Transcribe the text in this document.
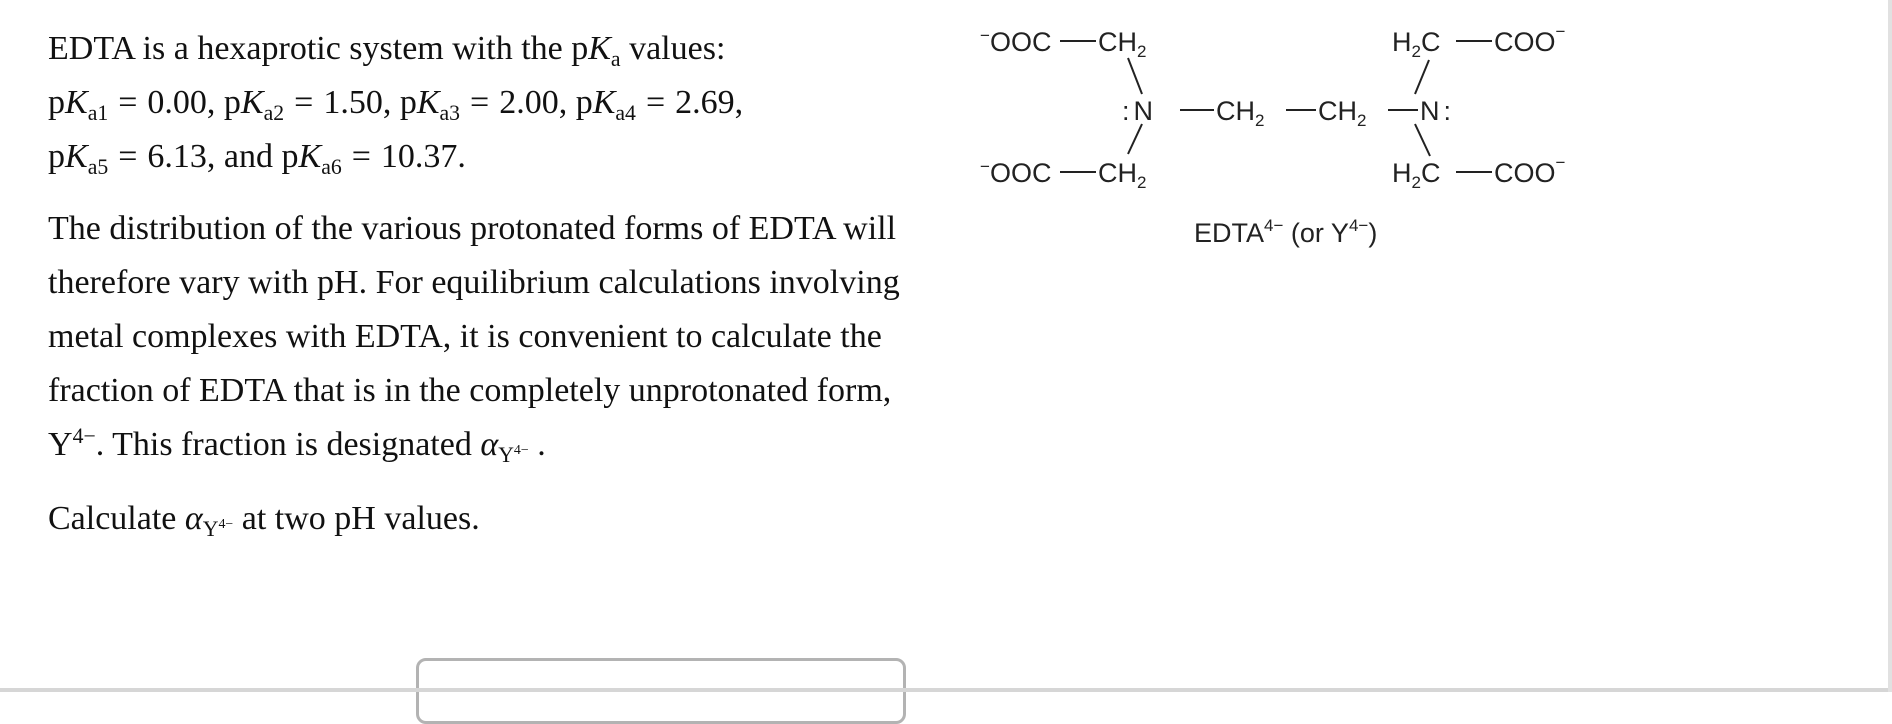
EDTA is a hexaprotic system with the $pK_a$ values:
$pK_{a1} = 0.00$, $pK_{a2} = 1.50$, $pK_{a3} = 2.00$, $pK_{a4} = 2.69$,
$pK_{a5} = 6.13$, and $pK_{a6} = 10.37$.

The distribution of the various protonated forms of EDTA will therefore vary with pH. For equilibrium calculations involving metal complexes with EDTA, it is convenient to calculate the fraction of EDTA that is in the completely unprotonated form, $Y^{4-}$. This fraction is designated $\alpha_{Y^{4-}}$ .

Calculate $\alpha_{Y^{4-}}$ at two pH values.

−OOC $CH_2$
: N $CH_2$ $CH_2$ N :
−OOC $CH_2$
$H_2C$ COO−
$H_2C$ COO−
$EDTA^{4-}$ (or $Y^{4-}$)
